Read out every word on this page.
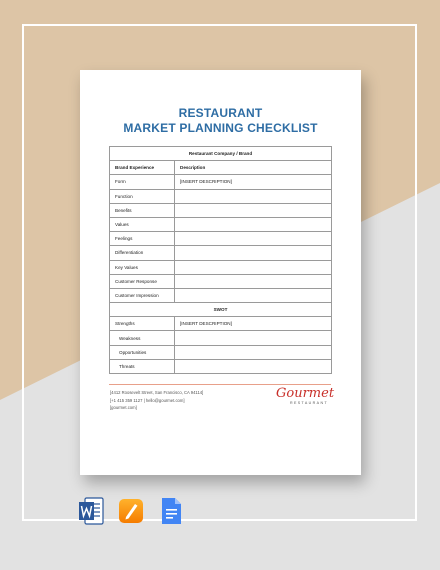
RESTAURANT
MARKET PLANNING CHECKLIST
Restaurant Company / Brand	
Brand Experience	Description
Form	[INSERT DESCRIPTION]
Function	
Benefits	
Values	
Feelings	
Differentiation	
Key Values	
Customer Response	
Customer Impression	
SWOT	
Strengths	[INSERT DESCRIPTION]
Weakness	
Opportunities	
Threats	
[4412 Roosevelt Street, San Francisco, CA 94114]
[+1 415 359 1127 | hello@gourmet.com]
[gourmet.com]
Gourmet
RESTAURANT
